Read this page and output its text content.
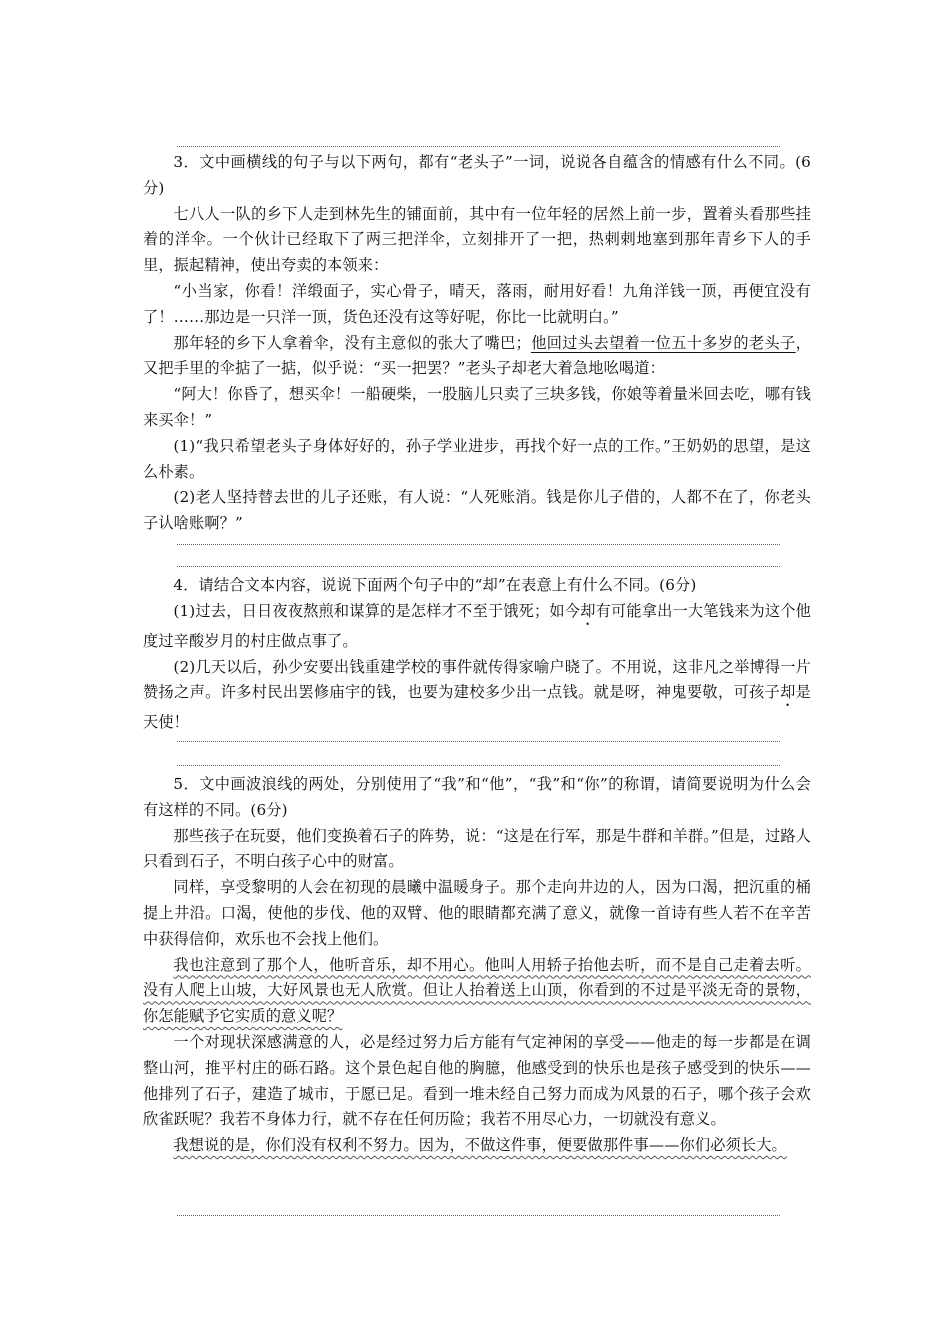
3．文中画横线的句子与以下两句，都有“老头子”一词，说说各自蕴含的情感有什么不同。(6分)

七八人一队的乡下人走到林先生的铺面前，其中有一位年轻的居然上前一步，置着头看那些挂着的洋伞。一个伙计已经取下了两三把洋伞，立刻排开了一把，热剌剌地塞到那年青乡下人的手里，振起精神，使出夸卖的本领来：

“小当家，你看！洋缎面子，实心骨子，晴天，落雨，耐用好看！九角洋钱一顶，再便宜没有了！……那边是一只洋一顶，货色还没有这等好呢，你比一比就明白。”

那年轻的乡下人拿着伞，没有主意似的张大了嘴巴；他回过头去望着一位五十多岁的老头子，又把手里的伞掂了一掂，似乎说：“买一把罢？”老头子却老大着急地吆喝道：

“阿大！你昏了，想买伞！一船硬柴，一股脑儿只卖了三块多钱，你娘等着量米回去吃，哪有钱来买伞！”

(1)“我只希望老头子身体好好的，孙子学业进步，再找个好一点的工作。”王奶奶的思望，是这么朴素。

(2)老人坚持替去世的儿子还账，有人说：“人死账消。钱是你儿子借的，人都不在了，你老头子认啥账啊？”

4．请结合文本内容，说说下面两个句子中的“却”在表意上有什么不同。(6分)

(1)过去，日日夜夜熬煎和谋算的是怎样才不至于饿死；如今却有可能拿出一大笔钱来为这个他度过辛酸岁月的村庄做点事了。

(2)几天以后，孙少安要出钱重建学校的事件就传得家喻户晓了。不用说，这非凡之举博得一片赞扬之声。许多村民出罢修庙宇的钱，也要为建校多少出一点钱。就是呀，神鬼要敬，可孩子却是天使！

5．文中画波浪线的两处，分别使用了“我”和“他”，“我”和“你”的称谓，请简要说明为什么会有这样的不同。(6分)

那些孩子在玩耍，他们变换着石子的阵势，说：“这是在行军，那是牛群和羊群。”但是，过路人只看到石子，不明白孩子心中的财富。

同样，享受黎明的人会在初现的晨曦中温暖身子。那个走向井边的人，因为口渴，把沉重的桶提上井沿。口渴，使他的步伐、他的双臂、他的眼睛都充满了意义，就像一首诗有些人若不在辛苦中获得信仰，欢乐也不会找上他们。

我也注意到了那个人，他听音乐，却不用心。他叫人用轿子抬他去听，而不是自己走着去听。没有人爬上山坡，大好风景也无人欣赏。但让人抬着送上山顶，你看到的不过是平淡无奇的景物，你怎能赋予它实质的意义呢？

一个对现状深感满意的人，必是经过努力后方能有气定神闲的享受——他走的每一步都是在调整山河，推平村庄的砾石路。这个景色起自他的胸臆，他感受到的快乐也是孩子感受到的快乐——他排列了石子，建造了城市，于愿已足。看到一堆未经自己努力而成为风景的石子，哪个孩子会欢欣雀跃呢？我若不身体力行，就不存在任何历险；我若不用尽心力，一切就没有意义。

我想说的是，你们没有权利不努力。因为，不做这件事，便要做那件事——你们必须长大。
